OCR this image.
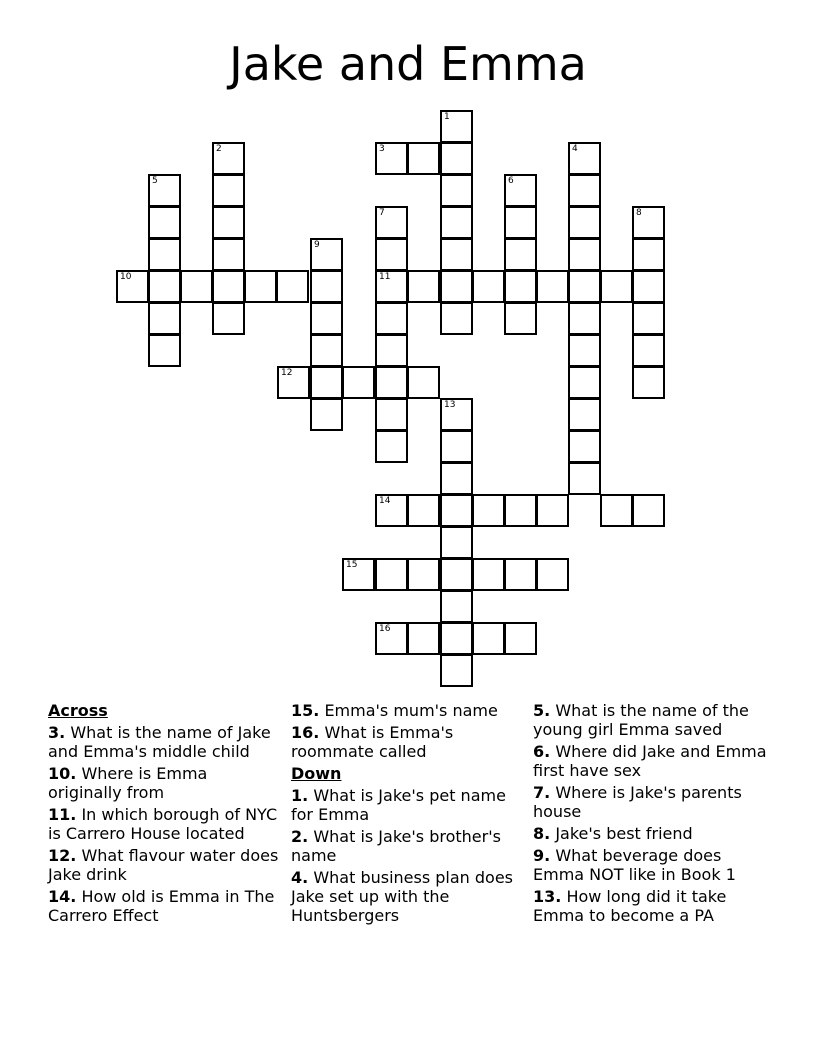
Jake and Emma
1
2	3	4
5	6
7
11
8
9
10
12
13
14
15
16
Across
3. What is the name of Jake and Emma's middle child
10. Where is Emma originally from
11. In which borough of NYC is Carrero House located
12. What flavour water does Jake drink
14. How old is Emma in The Carrero Effect
15. Emma's mum's name
16. What is Emma's roommate called
Down
1. What is Jake's pet name for Emma
2. What is Jake's brother's name
4. What business plan does Jake set up with the Huntsbergers
5. What is the name of the young girl Emma saved
6. Where did Jake and Emma first have sex
7. Where is Jake's parents house
8. Jake's best friend
9. What beverage does Emma NOT like in Book 1
13. How long did it take Emma to become a PA
